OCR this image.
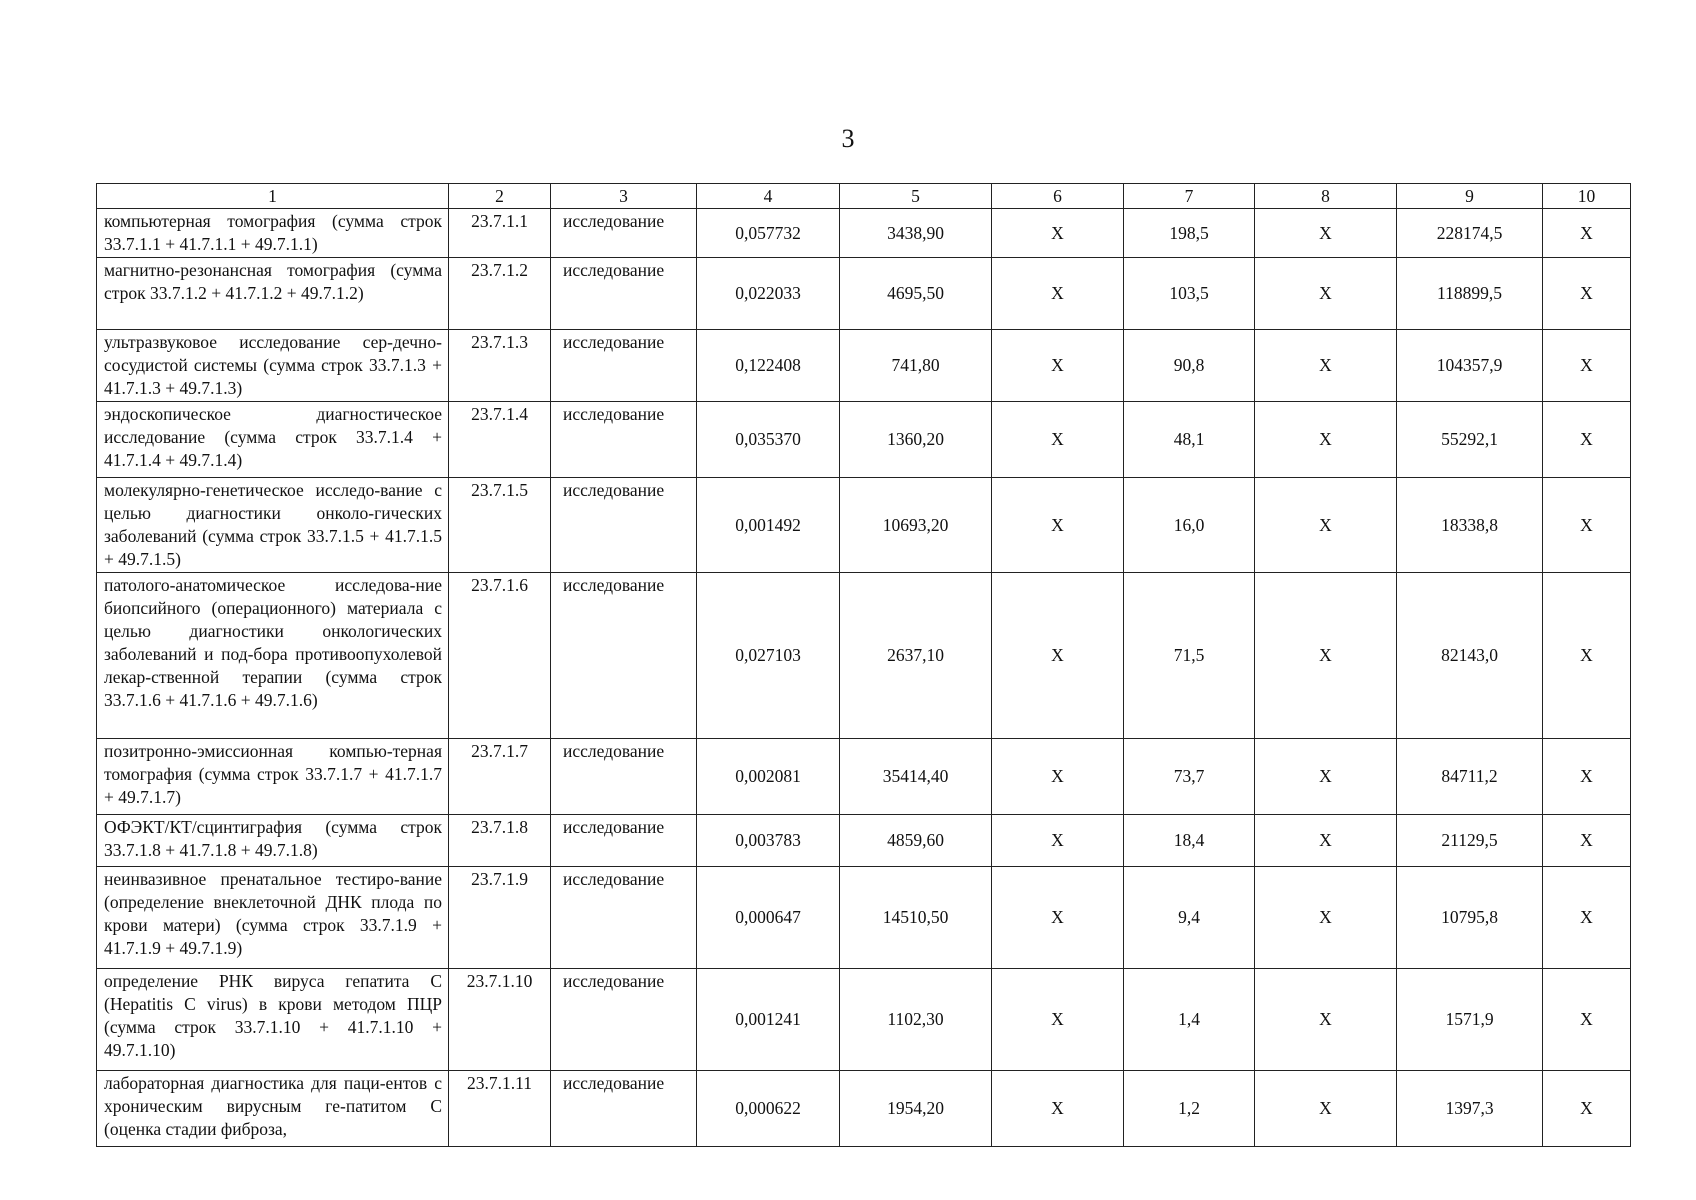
3
1	2	3	4	5	6	7	8	9	10
компьютерная томография (сумма строк 33.7.1.1 + 41.7.1.1 + 49.7.1.1)	23.7.1.1	исследование	0,057732	3438,90	X	198,5	X	228174,5	X
магнитно-резонансная томография (сумма строк 33.7.1.2 + 41.7.1.2 + 49.7.1.2)	23.7.1.2	исследование	0,022033	4695,50	X	103,5	X	118899,5	X
ультразвуковое исследование сер-дечно-сосудистой системы (сумма строк 33.7.1.3 + 41.7.1.3 + 49.7.1.3)	23.7.1.3	исследование	0,122408	741,80	X	90,8	X	104357,9	X
эндоскопическое диагностическое исследование (сумма строк 33.7.1.4 + 41.7.1.4 + 49.7.1.4)	23.7.1.4	исследование	0,035370	1360,20	X	48,1	X	55292,1	X
молекулярно-генетическое исследо-вание с целью диагностики онколо-гических заболеваний (сумма строк 33.7.1.5 + 41.7.1.5 + 49.7.1.5)	23.7.1.5	исследование	0,001492	10693,20	X	16,0	X	18338,8	X
патолого-анатомическое исследова-ние биопсийного (операционного) материала с целью диагностики онкологических заболеваний и под-бора противоопухолевой лекар-ственной терапии (сумма строк 33.7.1.6 + 41.7.1.6 + 49.7.1.6)	23.7.1.6	исследование	0,027103	2637,10	X	71,5	X	82143,0	X
позитронно-эмиссионная компью-терная томография (сумма строк 33.7.1.7 + 41.7.1.7 + 49.7.1.7)	23.7.1.7	исследование	0,002081	35414,40	X	73,7	X	84711,2	X
ОФЭКТ/КТ/сцинтиграфия (сумма строк 33.7.1.8 + 41.7.1.8 + 49.7.1.8)	23.7.1.8	исследование	0,003783	4859,60	X	18,4	X	21129,5	X
неинвазивное пренатальное тестиро-вание (определение внеклеточной ДНК плода по крови матери) (сумма строк 33.7.1.9 + 41.7.1.9 + 49.7.1.9)	23.7.1.9	исследование	0,000647	14510,50	X	9,4	X	10795,8	X
определение РНК вируса гепатита С (Hepatitis C virus) в крови методом ПЦР (сумма строк 33.7.1.10 + 41.7.1.10 + 49.7.1.10)	23.7.1.10	исследование	0,001241	1102,30	X	1,4	X	1571,9	X
лабораторная диагностика для паци-ентов с хроническим вирусным ге-патитом С (оценка стадии фиброза,	23.7.1.11	исследование	0,000622	1954,20	X	1,2	X	1397,3	X
